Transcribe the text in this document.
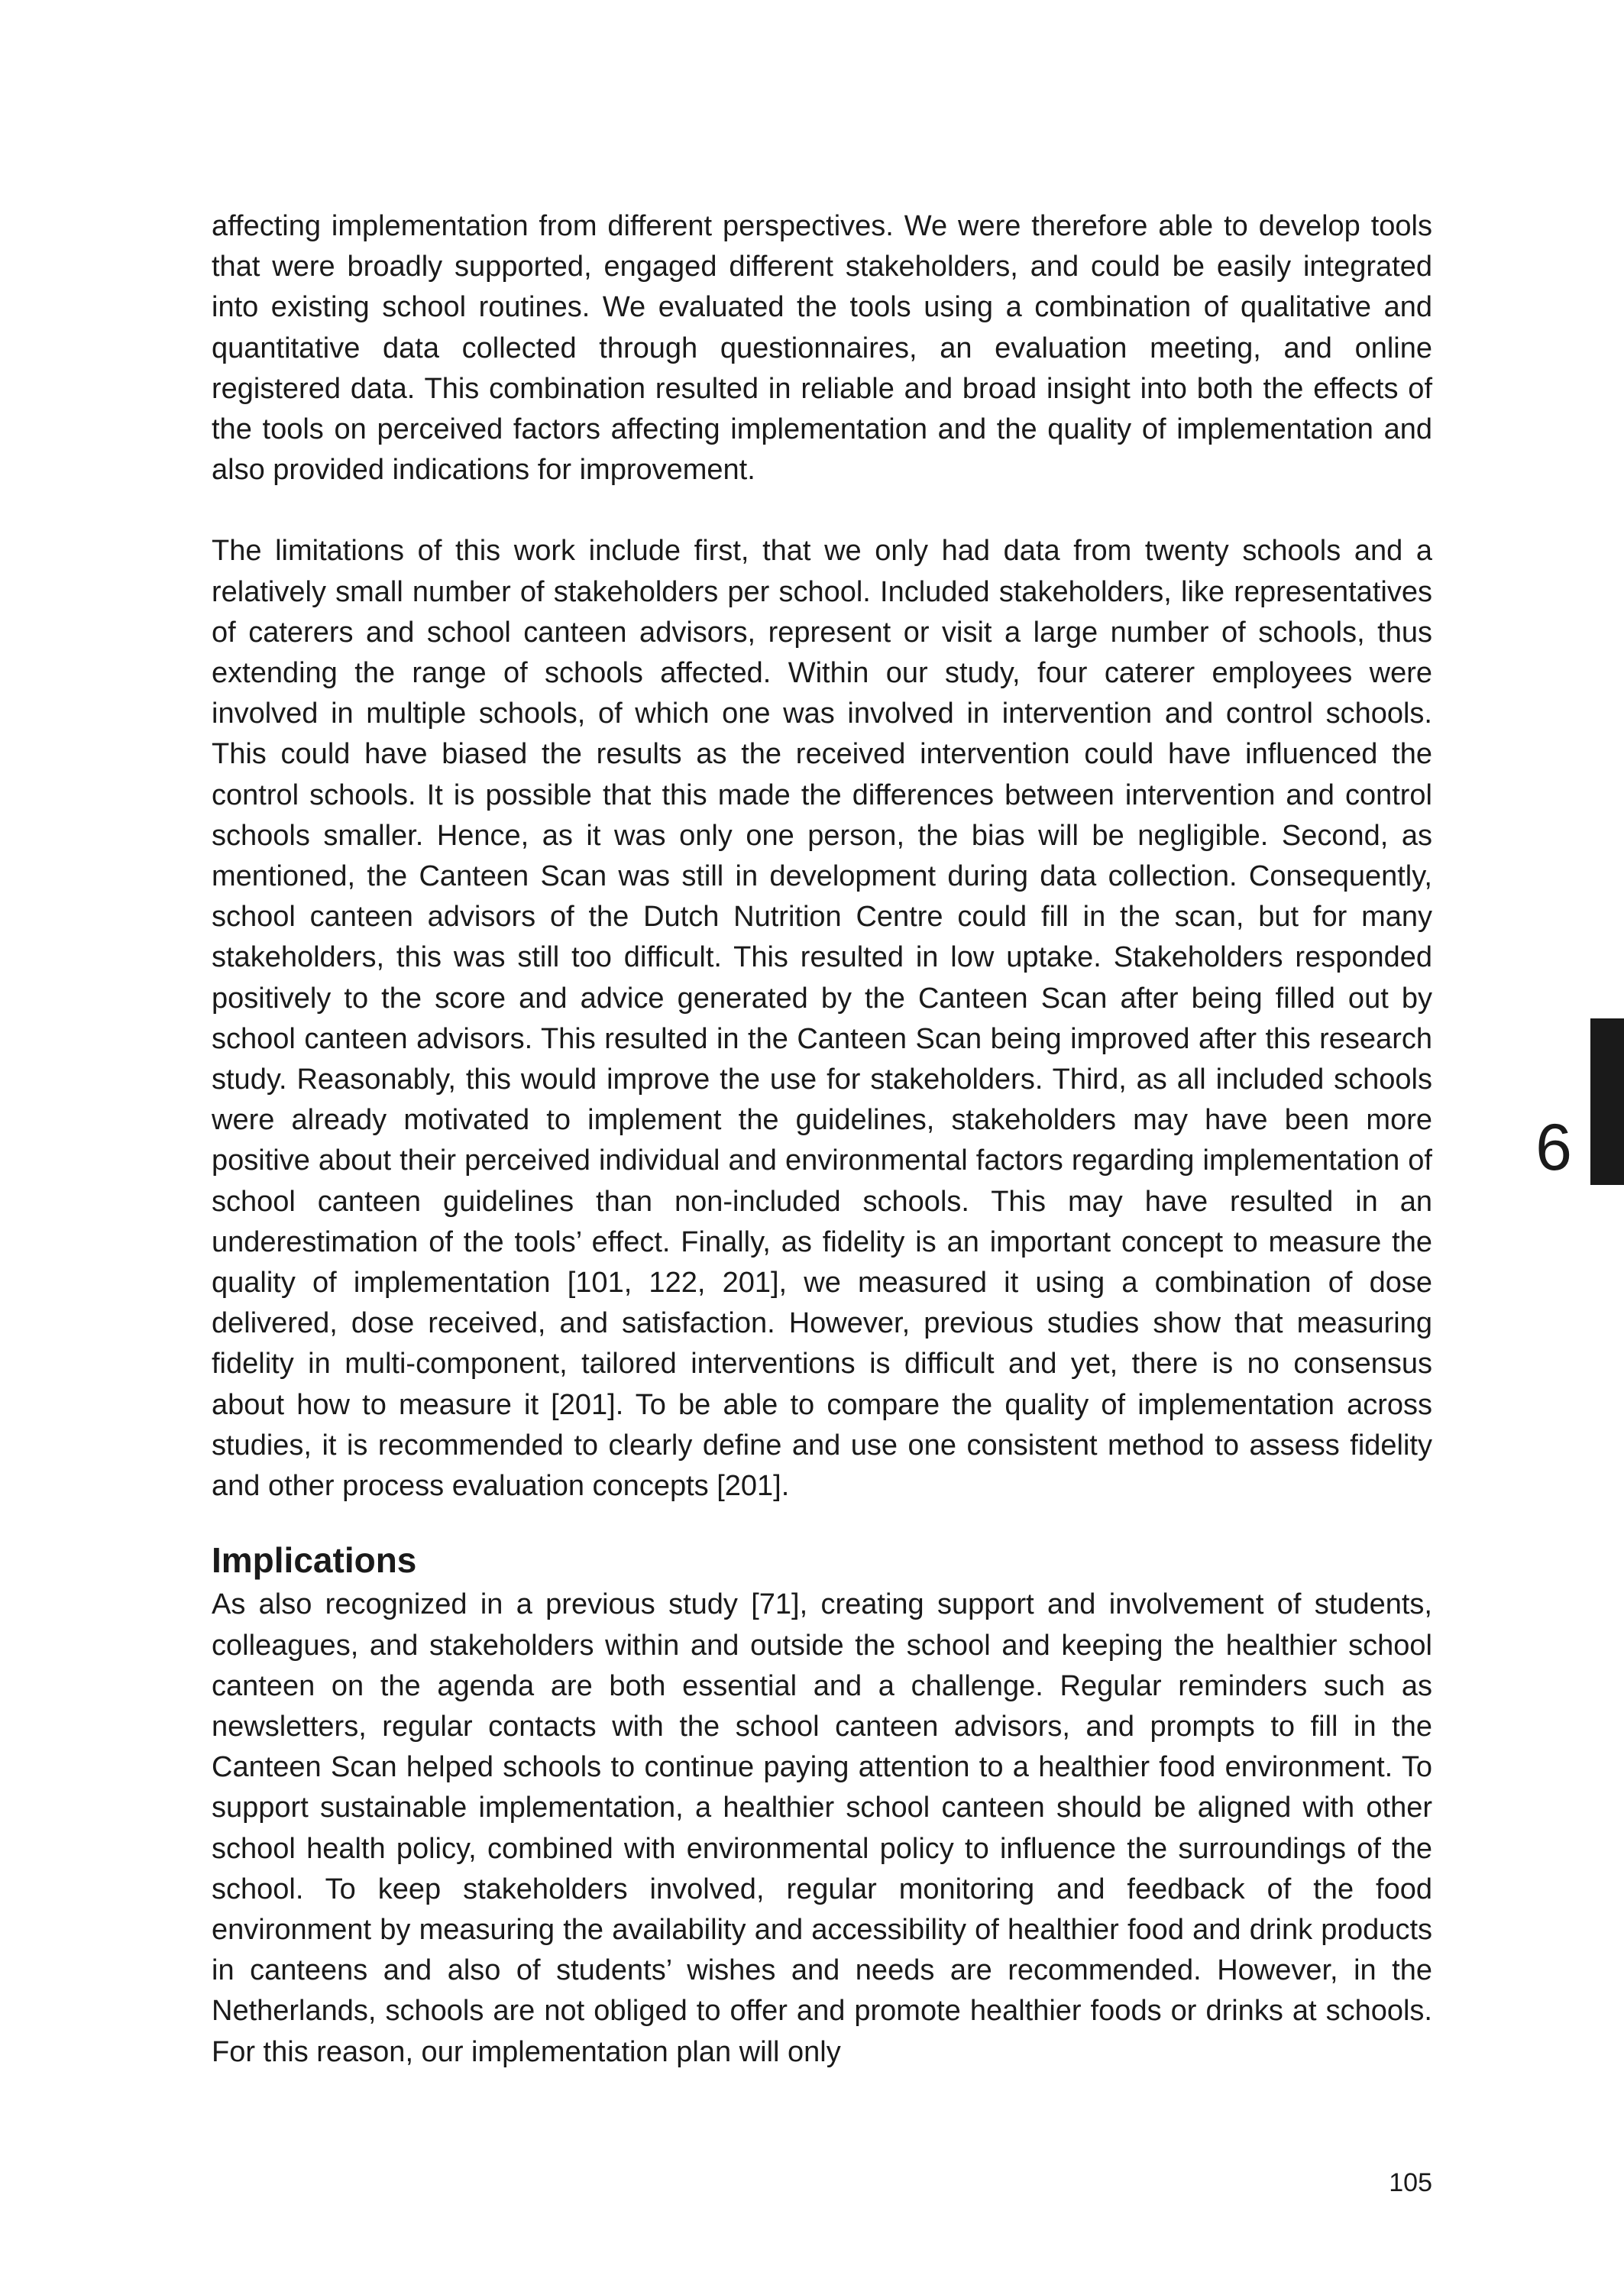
affecting implementation from different perspectives. We were therefore able to develop tools that were broadly supported, engaged different stakeholders, and could be easily integrated into existing school routines. We evaluated the tools using a combination of qualitative and quantitative data collected through questionnaires, an evaluation meeting, and online registered data. This combination resulted in reliable and broad insight into both the effects of the tools on perceived factors affecting implementation and the quality of implementation and also provided indications for improvement.

The limitations of this work include first, that we only had data from twenty schools and a relatively small number of stakeholders per school. Included stakeholders, like representatives of caterers and school canteen advisors, represent or visit a large number of schools, thus extending the range of schools affected. Within our study, four caterer employees were involved in multiple schools, of which one was involved in intervention and control schools. This could have biased the results as the received intervention could have influenced the control schools. It is possible that this made the differences between intervention and control schools smaller. Hence, as it was only one person, the bias will be negligible. Second, as mentioned, the Canteen Scan was still in development during data collection. Consequently, school canteen advisors of the Dutch Nutrition Centre could fill in the scan, but for many stakeholders, this was still too difficult. This resulted in low uptake. Stakeholders responded positively to the score and advice generated by the Canteen Scan after being filled out by school canteen advisors. This resulted in the Canteen Scan being improved after this research study. Reasonably, this would improve the use for stakeholders. Third, as all included schools were already motivated to implement the guidelines, stakeholders may have been more positive about their perceived individual and environmental factors regarding implementation of school canteen guidelines than non-included schools. This may have resulted in an underestimation of the tools’ effect. Finally, as fidelity is an important concept to measure the quality of implementation [101, 122, 201], we measured it using a combination of dose delivered, dose received, and satisfaction. However, previous studies show that measuring fidelity in multi-component, tailored interventions is difficult and yet, there is no consensus about how to measure it [201]. To be able to compare the quality of implementation across studies, it is recommended to clearly define and use one consistent method to assess fidelity and other process evaluation concepts [201].

Implications

As also recognized in a previous study [71], creating support and involvement of students, colleagues, and stakeholders within and outside the school and keeping the healthier school canteen on the agenda are both essential and a challenge. Regular reminders such as newsletters, regular contacts with the school canteen advisors, and prompts to fill in the Canteen Scan helped schools to continue paying attention to a healthier food environment. To support sustainable implementation, a healthier school canteen should be aligned with other school health policy, combined with environmental policy to influence the surroundings of the school. To keep stakeholders involved, regular monitoring and feedback of the food environment by measuring the availability and accessibility of healthier food and drink products in canteens and also of students’ wishes and needs are recommended. However, in the Netherlands, schools are not obliged to offer and promote healthier foods or drinks at schools. For this reason, our implementation plan will only

6
105
